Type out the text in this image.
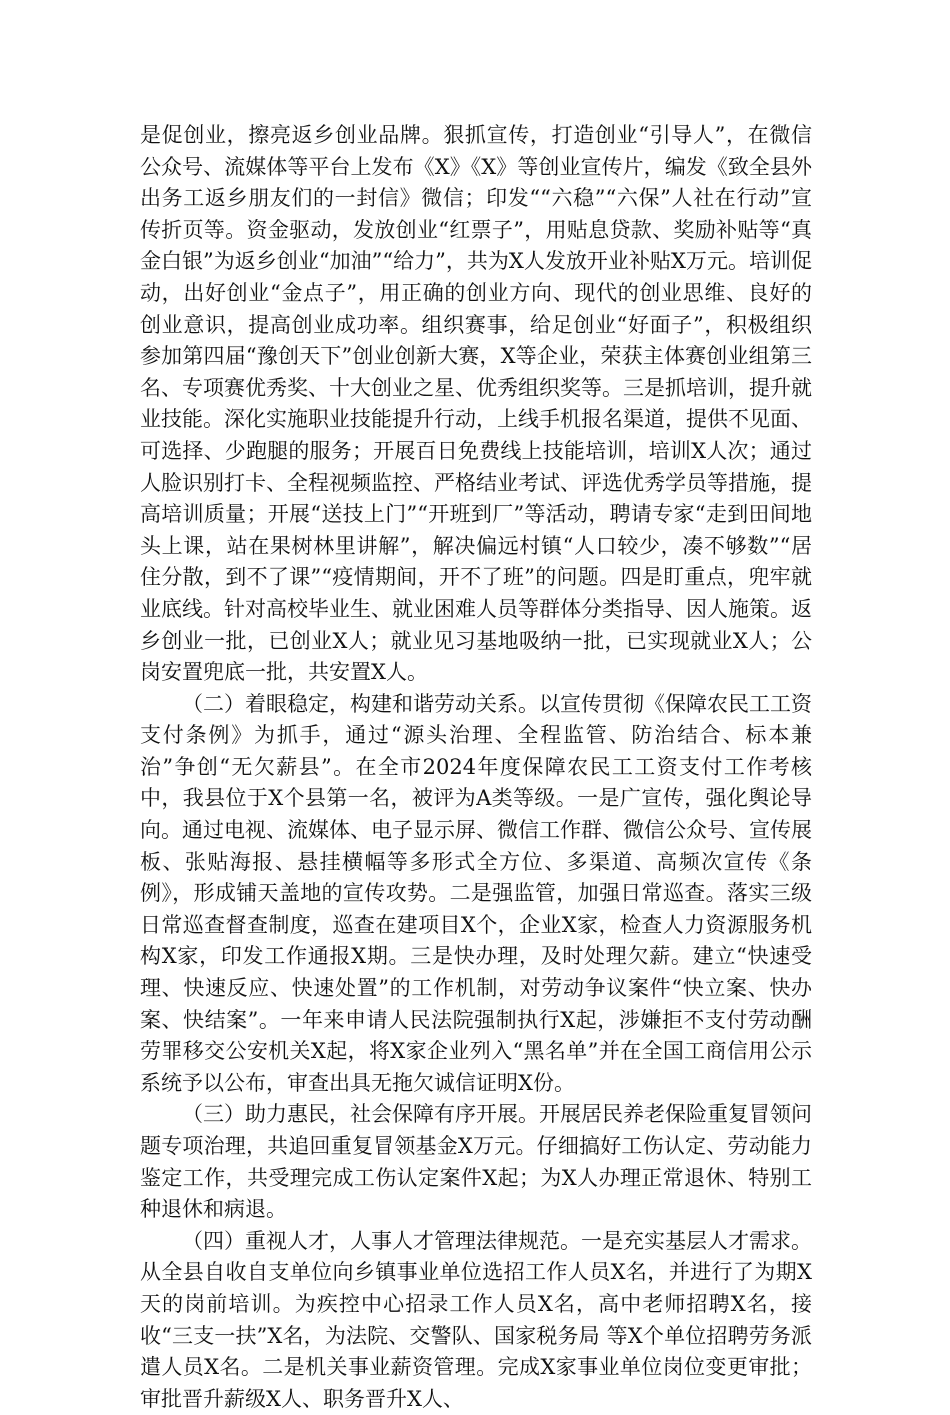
是促创业，擦亮返乡创业品牌。狠抓宣传，打造创业“引导人”，在微信公众号、流媒体等平台上发布《X》《X》等创业宣传片，编发《致全县外出务工返乡朋友们的一封信》微信；印发““六稳”“六保”人社在行动”宣传折页等。资金驱动，发放创业“红票子”，用贴息贷款、奖励补贴等“真金白银”为返乡创业“加油”“给力”，共为X人发放开业补贴X万元。培训促动，出好创业“金点子”，用正确的创业方向、现代的创业思维、良好的创业意识，提高创业成功率。组织赛事，给足创业“好面子”，积极组织参加第四届“豫创天下”创业创新大赛，X等企业，荣获主体赛创业组第三名、专项赛优秀奖、十大创业之星、优秀组织奖等。三是抓培训，提升就业技能。深化实施职业技能提升行动，上线手机报名渠道，提供不见面、可选择、少跑腿的服务；开展百日免费线上技能培训，培训X人次；通过人脸识别打卡、全程视频监控、严格结业考试、评选优秀学员等措施，提高培训质量；开展“送技上门”“开班到厂”等活动，聘请专家“走到田间地头上课，站在果树林里讲解”，解决偏远村镇“人口较少，凑不够数”“居住分散，到不了课”“疫情期间，开不了班”的问题。四是盯重点，兜牢就业底线。针对高校毕业生、就业困难人员等群体分类指导、因人施策。返乡创业一批，已创业X人；就业见习基地吸纳一批，已实现就业X人；公岗安置兜底一批，共安置X人。

（二）着眼稳定，构建和谐劳动关系。以宣传贯彻《保障农民工工资支付条例》为抓手，通过“源头治理、全程监管、防治结合、标本兼治”争创“无欠薪县”。在全市2024年度保障农民工工资支付工作考核中，我县位于X个县第一名，被评为A类等级。一是广宣传，强化舆论导向。通过电视、流媒体、电子显示屏、微信工作群、微信公众号、宣传展板、张贴海报、悬挂横幅等多形式全方位、多渠道、高频次宣传《条例》，形成铺天盖地的宣传攻势。二是强监管，加强日常巡查。落实三级日常巡查督查制度，巡查在建项目X个，企业X家，检查人力资源服务机构X家，印发工作通报X期。三是快办理，及时处理欠薪。建立“快速受理、快速反应、快速处置”的工作机制，对劳动争议案件“快立案、快办案、快结案”。一年来申请人民法院强制执行X起，涉嫌拒不支付劳动酬劳罪移交公安机关X起，将X家企业列入“黑名单”并在全国工商信用公示系统予以公布，审查出具无拖欠诚信证明X份。

（三）助力惠民，社会保障有序开展。开展居民养老保险重复冒领问题专项治理，共追回重复冒领基金X万元。仔细搞好工伤认定、劳动能力鉴定工作，共受理完成工伤认定案件X起；为X人办理正常退休、特别工种退休和病退。

（四）重视人才，人事人才管理法律规范。一是充实基层人才需求。从全县自收自支单位向乡镇事业单位选招工作人员X名，并进行了为期X天的岗前培训。为疾控中心招录工作人员X名，高中老师招聘X名，接收“三支一扶”X名，为法院、交警队、国家税务局 等X个单位招聘劳务派遣人员X名。二是机关事业薪资管理。完成X家事业单位岗位变更审批；审批晋升薪级X人、职务晋升X人、
